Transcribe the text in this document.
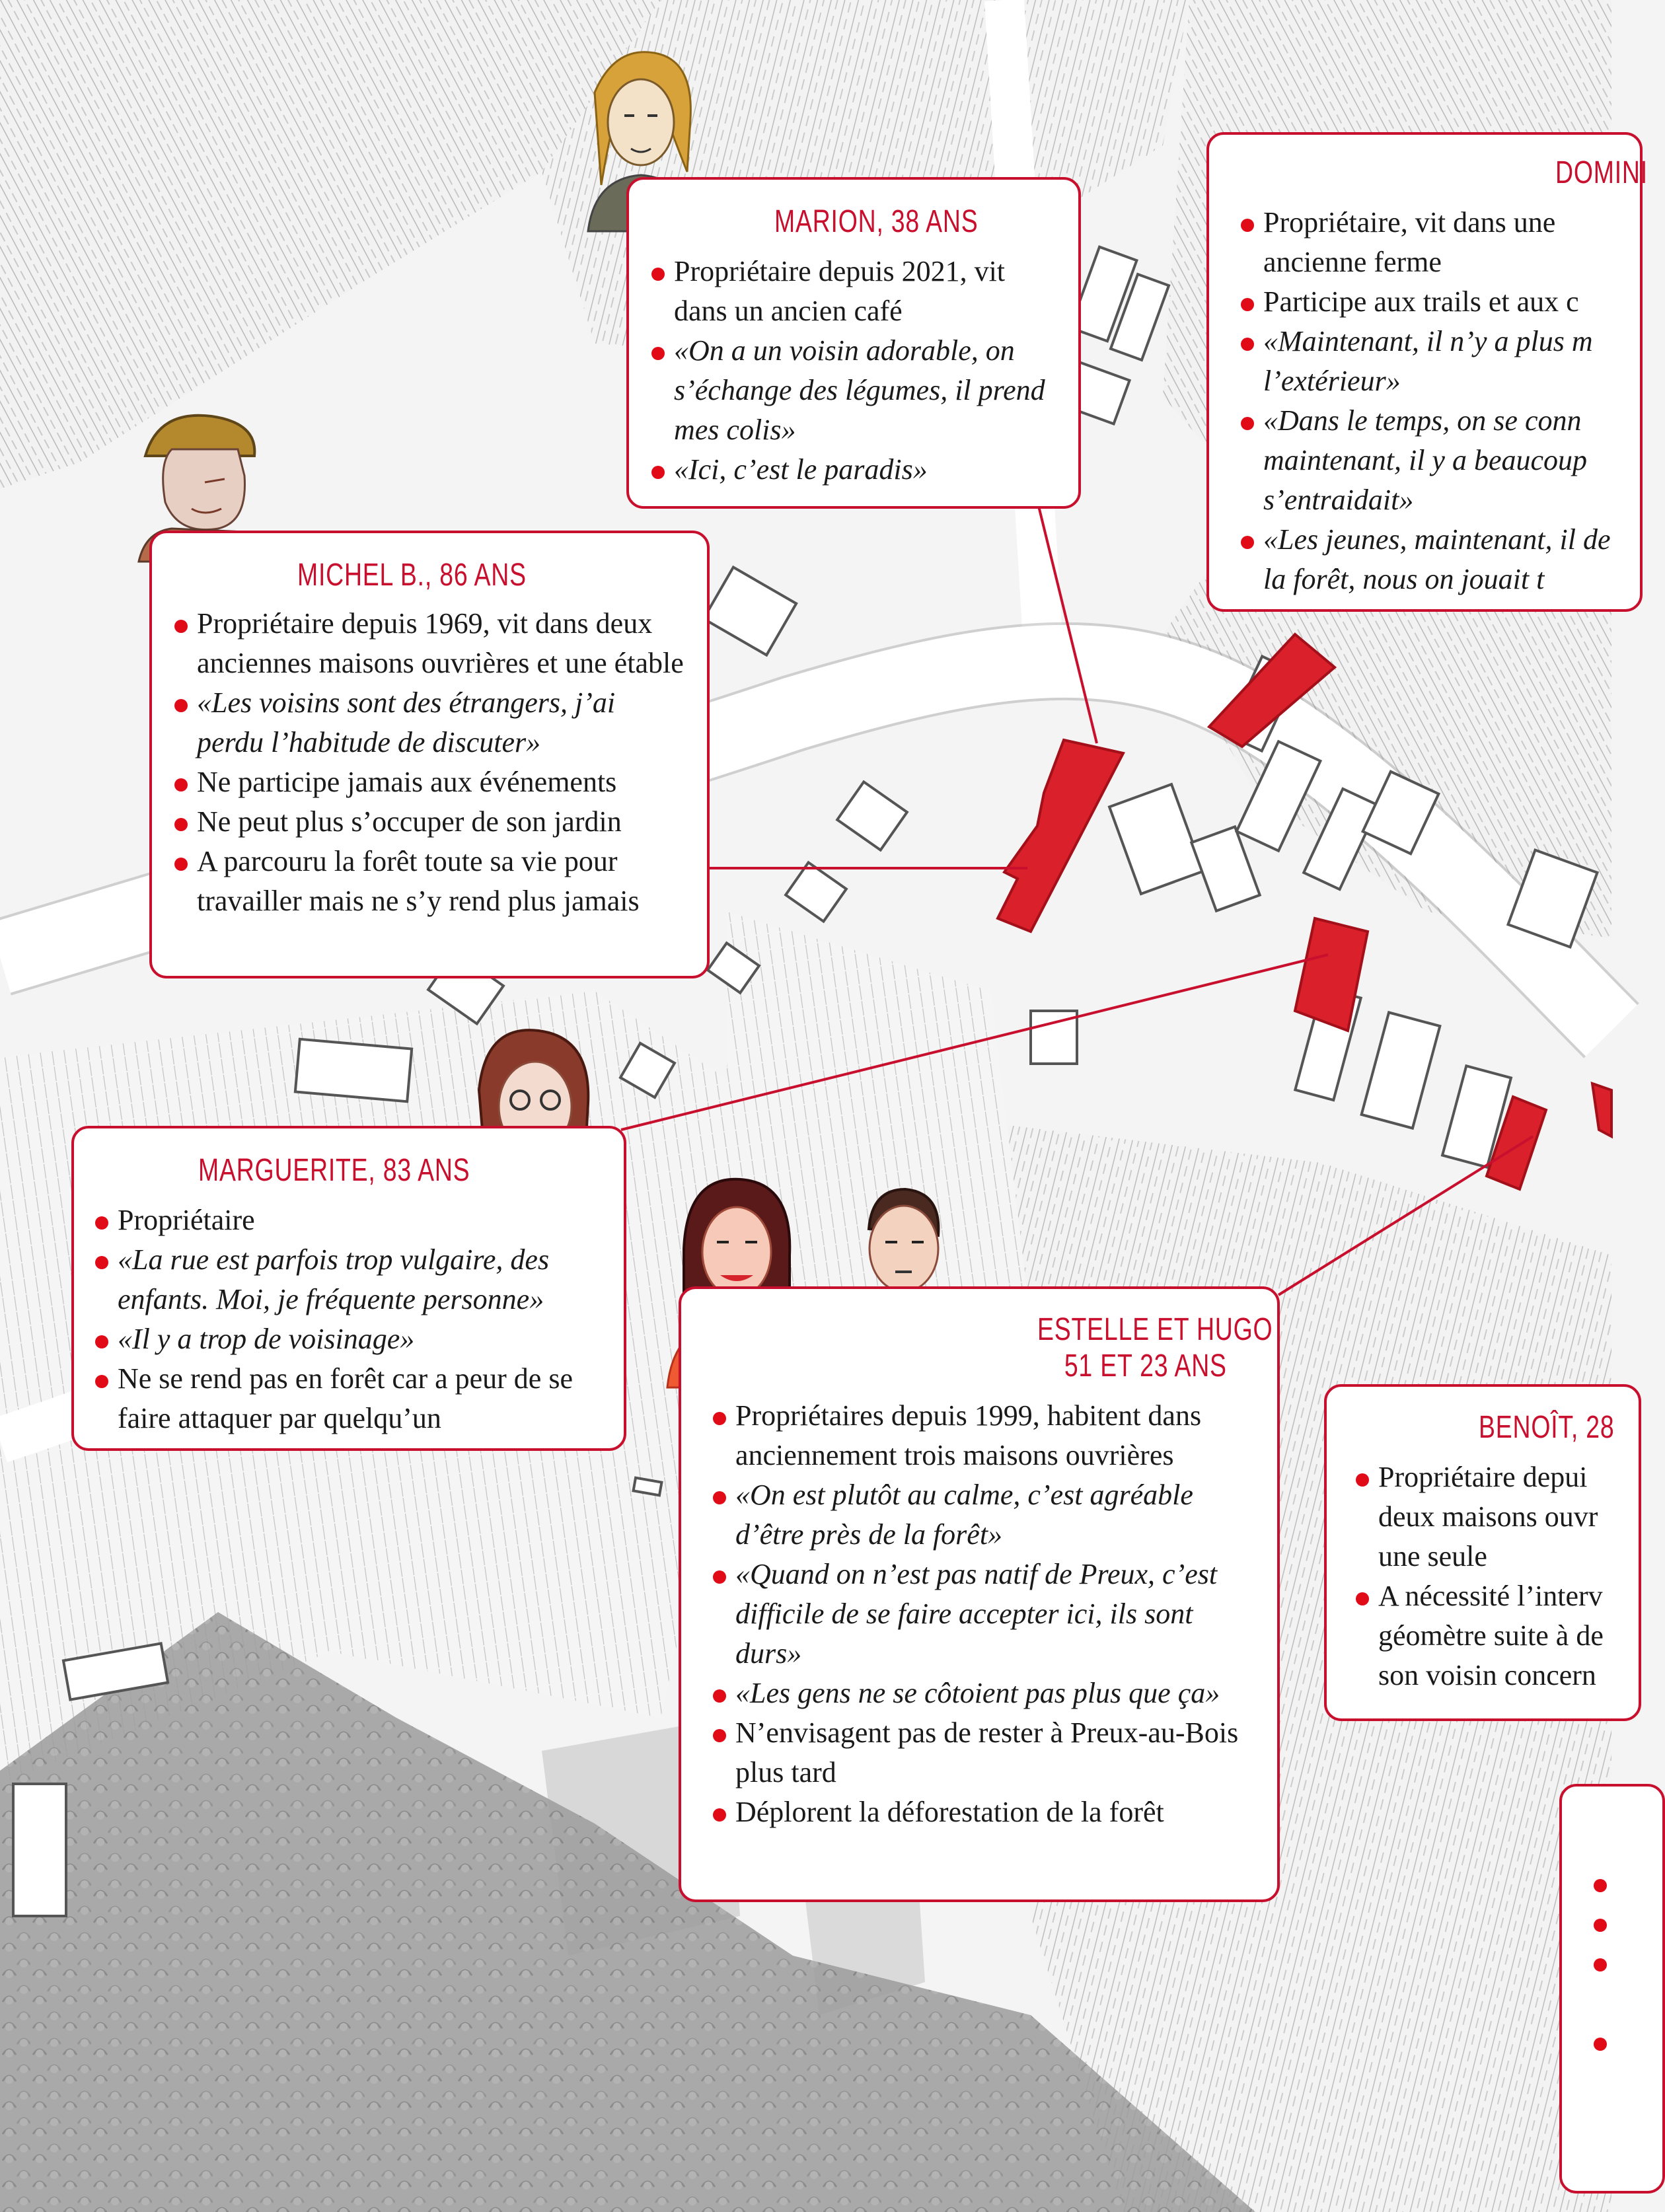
MARION, 38 ANS
Propriétaire depuis 2021, vit dans un ancien café
«On a un voisin adorable, on s’échange des légumes, il prend mes colis»
«Ici, c’est le paradis»
MICHEL B., 86 ANS
Propriétaire depuis 1969, vit dans deux anciennes maisons ouvrières et une étable
«Les voisins sont des étrangers, j’ai perdu l’habitude de discuter»
Ne participe jamais aux événements
Ne peut plus s’occuper de son jardin
A parcouru la forêt toute sa vie pour travailler mais ne s’y rend plus jamais
DOMINI
Propriétaire, vit dans une ancienne ferme
Participe aux trails et aux c
«Maintenant, il n’y a plus m l’extérieur»
«Dans le temps, on se conn maintenant, il y a beaucoup s’entraidait»
«Les jeunes, maintenant, il de la forêt, nous on jouait t
MARGUERITE, 83 ANS
Propriétaire
«La rue est parfois trop vulgaire, des enfants. Moi, je fréquente personne»
«Il y a trop de voisinage»
Ne se rend pas en forêt car a peur de se faire attaquer par quelqu’un
ESTELLE ET HUGO
51 ET 23 ANS
Propriétaires depuis 1999, habitent dans anciennement trois maisons ouvrières
«On est plutôt au calme, c’est agréable d’être près de la forêt»
«Quand on n’est pas natif de Preux, c’est difficile de se faire accepter ici, ils sont durs»
«Les gens ne se côtoient pas plus que ça»
N’envisagent pas de rester à Preux-au-Bois plus tard
Déplorent la déforestation de la forêt
BENOÎT, 28
Propriétaire depui deux maisons ouvr une seule
A nécessité l’interv géomètre suite à de son voisin concern
